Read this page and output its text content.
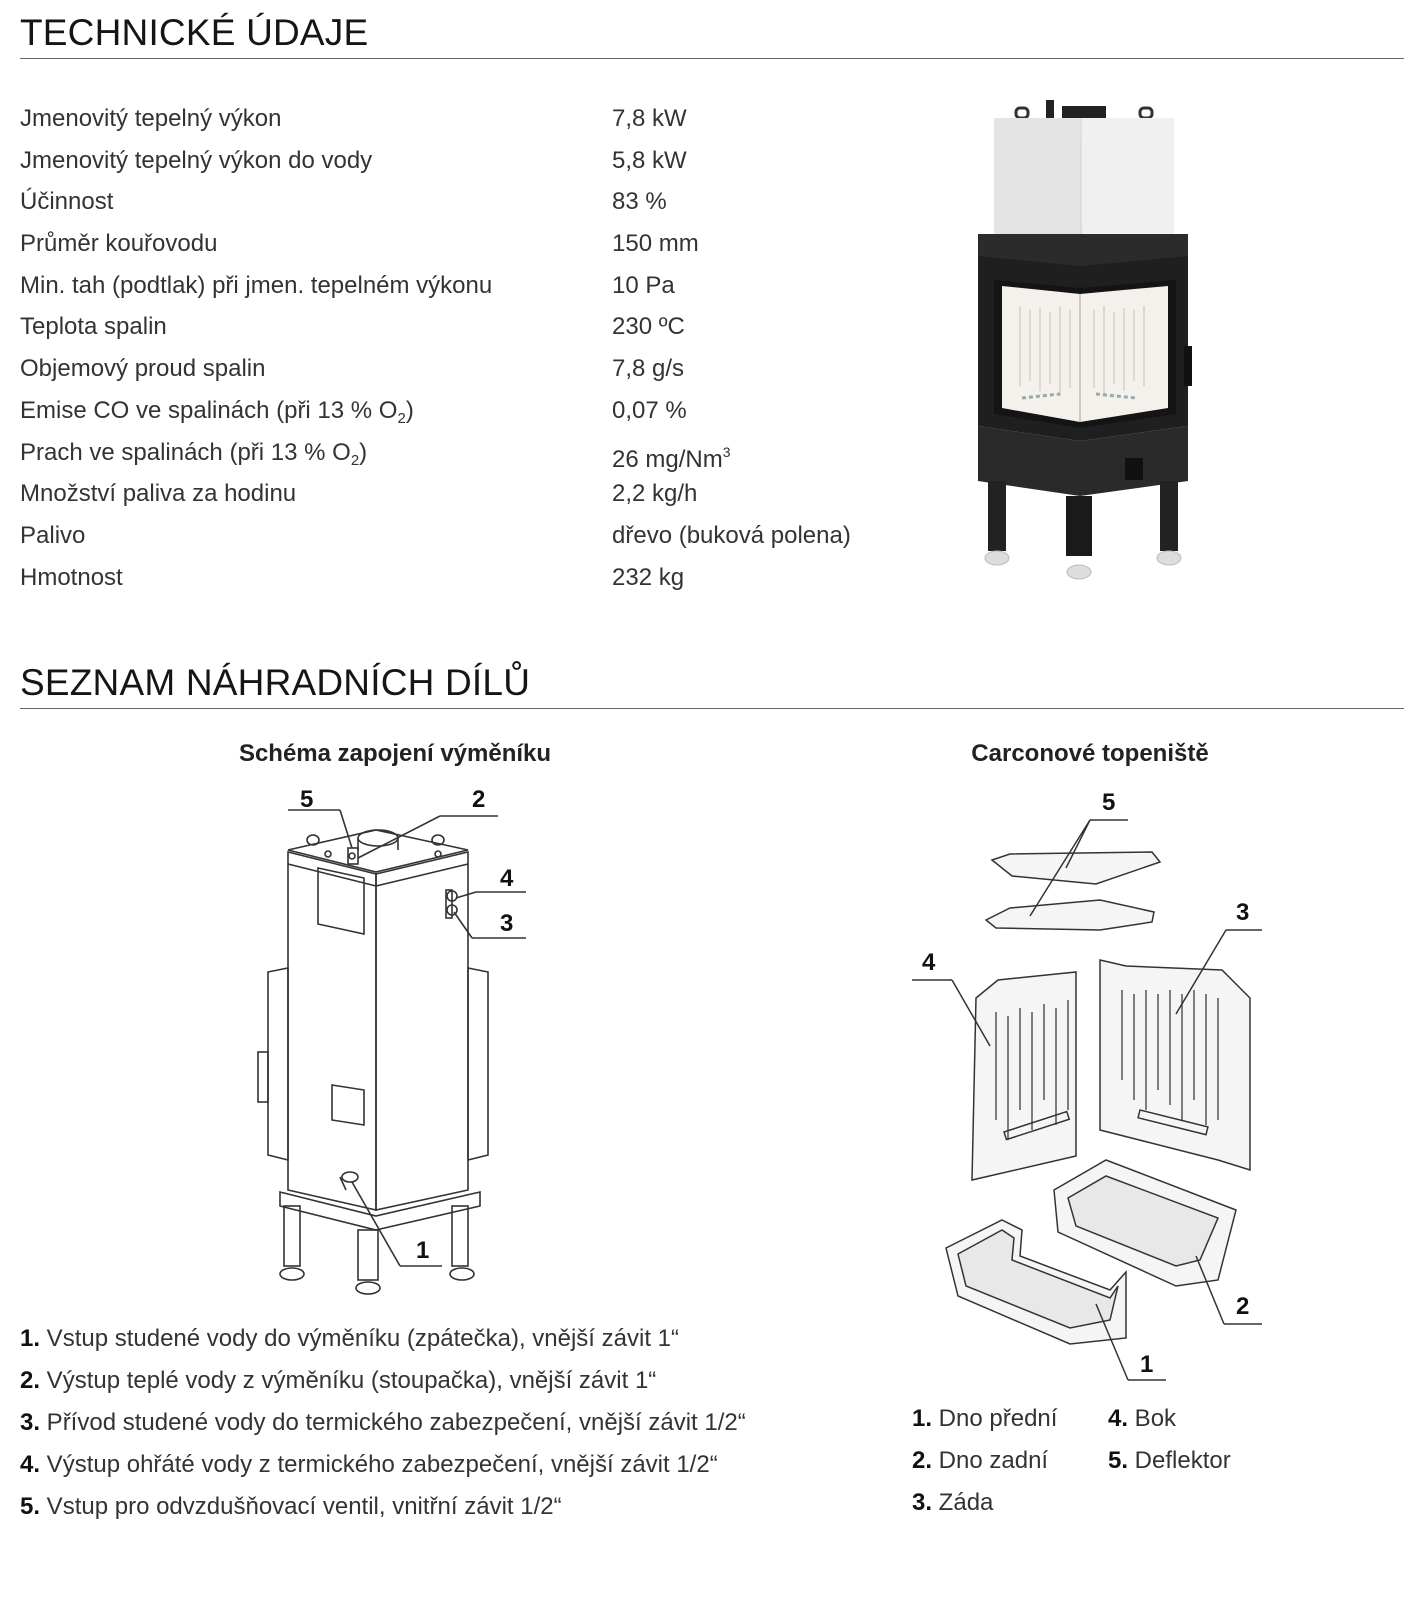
TECHNICKÉ ÚDAJE
Jmenovitý tepelný výkon	7,8 kW
Jmenovitý tepelný výkon do vody	5,8 kW
Účinnost	83 %
Průměr kouřovodu	150 mm
Min. tah (podtlak) při jmen. tepelném výkonu	10 Pa
Teplota spalin	230 ºC
Objemový proud spalin	7,8 g/s
Emise CO ve spalinách (při 13 % $O_2$)	0,07 %
Prach ve spalinách (při 13 % $O_2$)	26 mg/Nm$^3$
Množství paliva za hodinu	2,2 kg/h
Palivo	dřevo (buková polena)
Hmotnost	232 kg
SEZNAM NÁHRADNÍCH DÍLŮ
Schéma zapojení výměníku	Carconové topeniště
5	2
4
3
1
5
3
4
2
1
1. Vstup studené vody do výměníku (zpátečka), vnější závit 1“
2. Výstup teplé vody z výměníku (stoupačka), vnější závit 1“
3. Přívod studené vody do termického zabezpečení, vnější závit 1/2“
4. Výstup ohřáté vody z termického zabezpečení, vnější závit 1/2“
5. Vstup pro odvzdušňovací ventil, vnitřní závit 1/2“
1. Dno přední
2. Dno zadní
3. Záda
4. Bok
5. Deflektor
